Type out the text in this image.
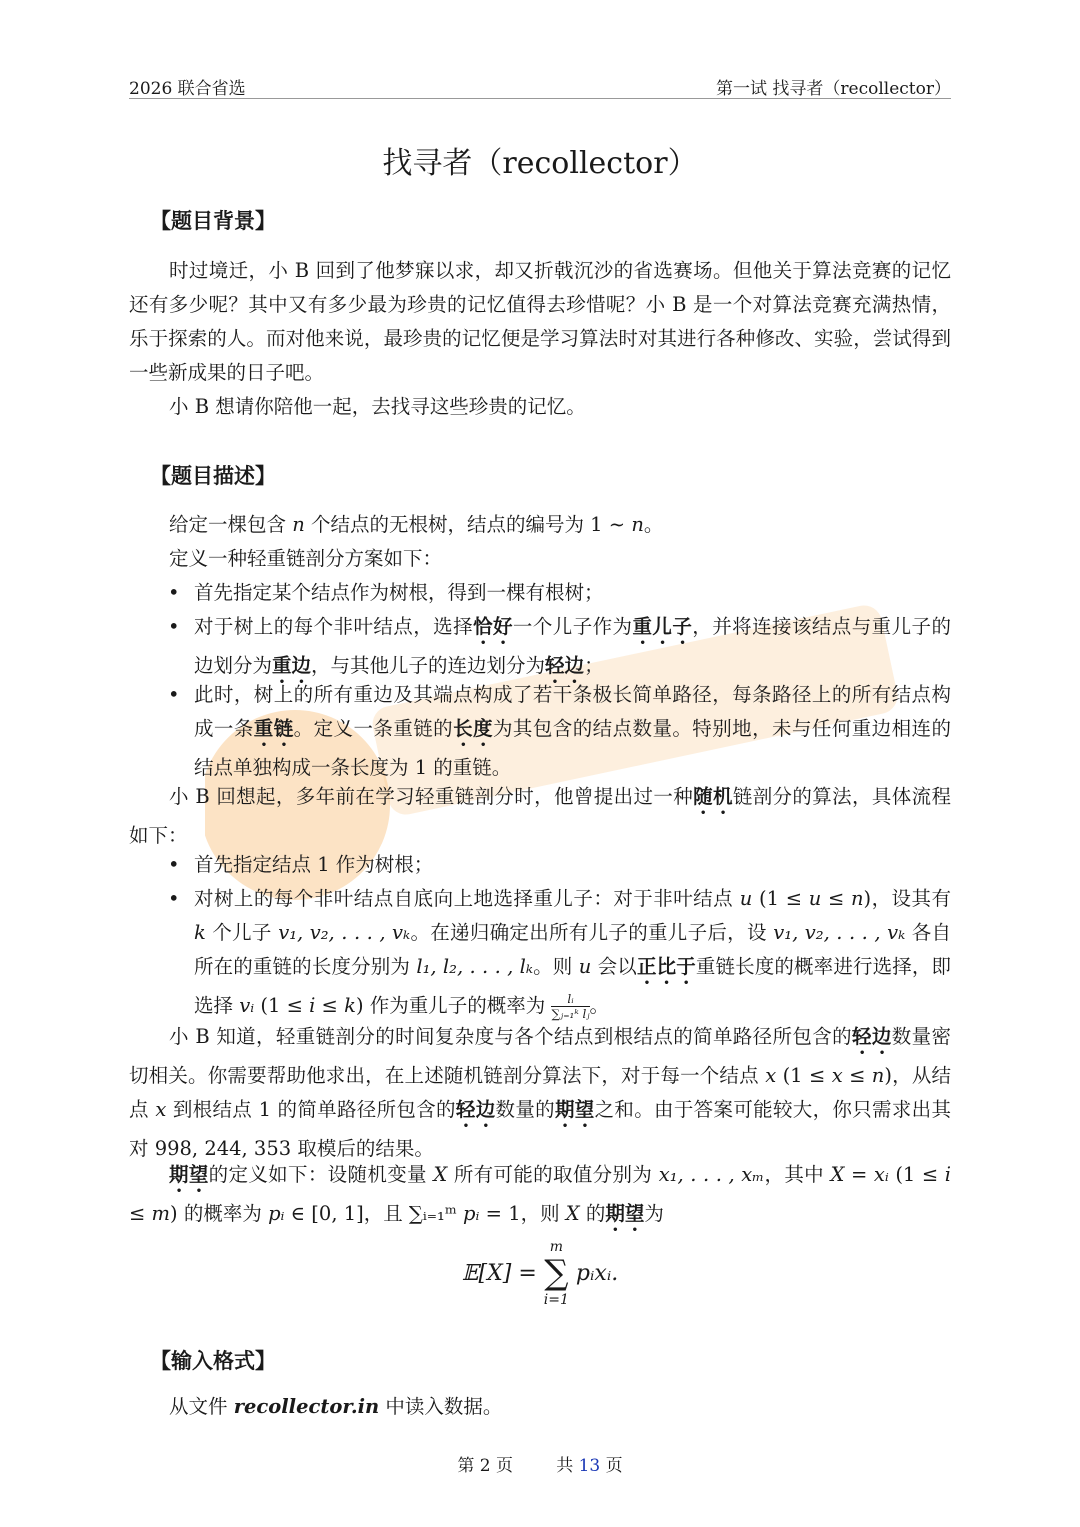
2026 联合省选	第一试 找寻者（recollector）
找寻者（recollector）
【题目背景】

时过境迁，小 B 回到了他梦寐以求，却又折戟沉沙的省选赛场。但他关于算法竞赛的记忆还有多少呢？其中又有多少最为珍贵的记忆值得去珍惜呢？小 B 是一个对算法竞赛充满热情，乐于探索的人。而对他来说，最珍贵的记忆便是学习算法时对其进行各种修改、实验，尝试得到一些新成果的日子吧。

小 B 想请你陪他一起，去找寻这些珍贵的记忆。

【题目描述】

给定一棵包含 n 个结点的无根树，结点的编号为 1 ∼ n。

定义一种轻重链剖分方案如下：

• 首先指定某个结点作为树根，得到一棵有根树；

• 对于树上的每个非叶结点，选择恰好一个儿子作为重儿子，并将连接该结点与重儿子的边划分为重边，与其他儿子的连边划分为轻边；

• 此时，树上的所有重边及其端点构成了若干条极长简单路径，每条路径上的所有结点构成一条重链。定义一条重链的长度为其包含的结点数量。特别地，未与任何重边相连的结点单独构成一条长度为 1 的重链。

小 B 回想起，多年前在学习轻重链剖分时，他曾提出过一种随机链剖分的算法，具体流程如下：

• 首先指定结点 1 作为树根；

• 对树上的每个非叶结点自底向上地选择重儿子：对于非叶结点 u (1 ≤ u ≤ n)，设其有 k 个儿子 v₁, v₂, . . . , vₖ。在递归确定出所有儿子的重儿子后，设 v₁, v₂, . . . , vₖ 各自所在的重链的长度分别为 l₁, l₂, . . . , lₖ。则 u 会以正比于重链长度的概率进行选择，即选择 vᵢ (1 ≤ i ≤ k) 作为重儿子的概率为 $\frac{\text{lᵢ}}{\text{∑ⱼ₌₁ᵏ lⱼ}}$ 。

小 B 知道，轻重链剖分的时间复杂度与各个结点到根结点的简单路径所包含的轻边数量密切相关。你需要帮助他求出，在上述随机链剖分算法下，对于每一个结点 x (1 ≤ x ≤ n)，从结点 x 到根结点 1 的简单路径所包含的轻边数量的期望之和。由于答案可能较大，你只需求出其对 998, 244, 353 取模后的结果。

期望的定义如下：设随机变量 X 所有可能的取值分别为 x₁, . . . , xₘ，其中 X = xᵢ (1 ≤ i ≤ m) 的概率为 pᵢ ∈ [0, 1]，且 ∑ᵢ₌₁ᵐ pᵢ = 1，则 X 的期望为

𝔼[X] =
m
∑
i=1
pᵢxᵢ.
【输入格式】

从文件 recollector.in 中读入数据。

第 2 页	共 13 页
